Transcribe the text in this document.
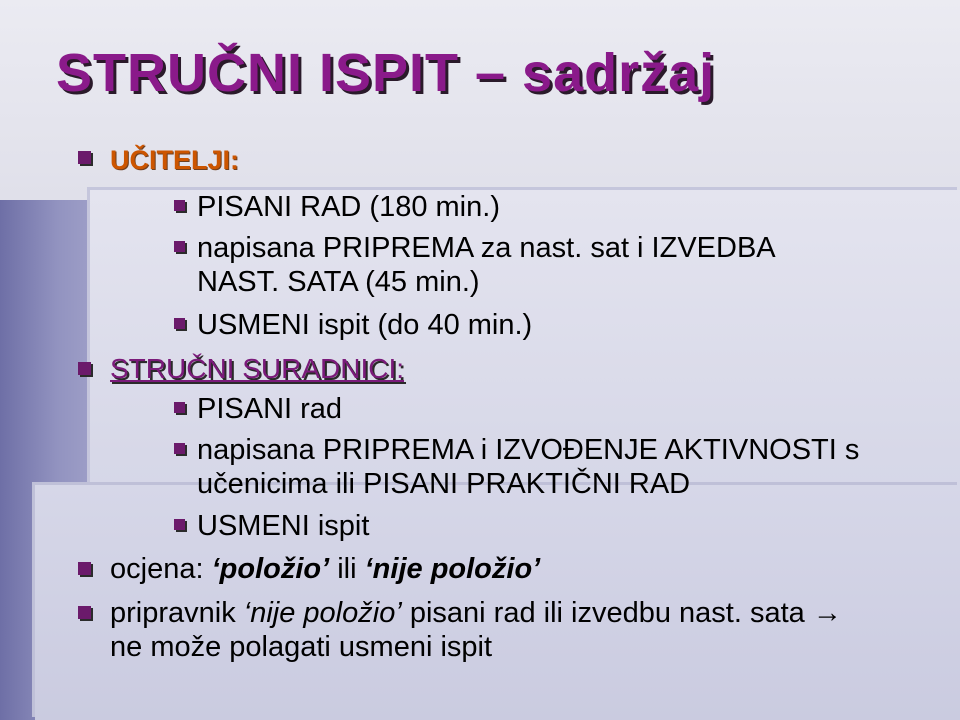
STRUČNI ISPIT – sadržaj
UČITELJI:
PISANI RAD (180 min.)
napisana PRIPREMA za nast. sat i IZVEDBA
NAST. SATA (45 min.)
USMENI ispit (do 40 min.)
STRUČNI SURADNICI:
PISANI rad
napisana PRIPREMA i IZVOĐENJE AKTIVNOSTI s
učenicima ili PISANI PRAKTIČNI RAD
USMENI ispit
ocjena: ‘položio’ ili ‘nije položio’
pripravnik ‘nije položio’ pisani rad ili izvedbu nast. sata →
ne može polagati usmeni ispit
